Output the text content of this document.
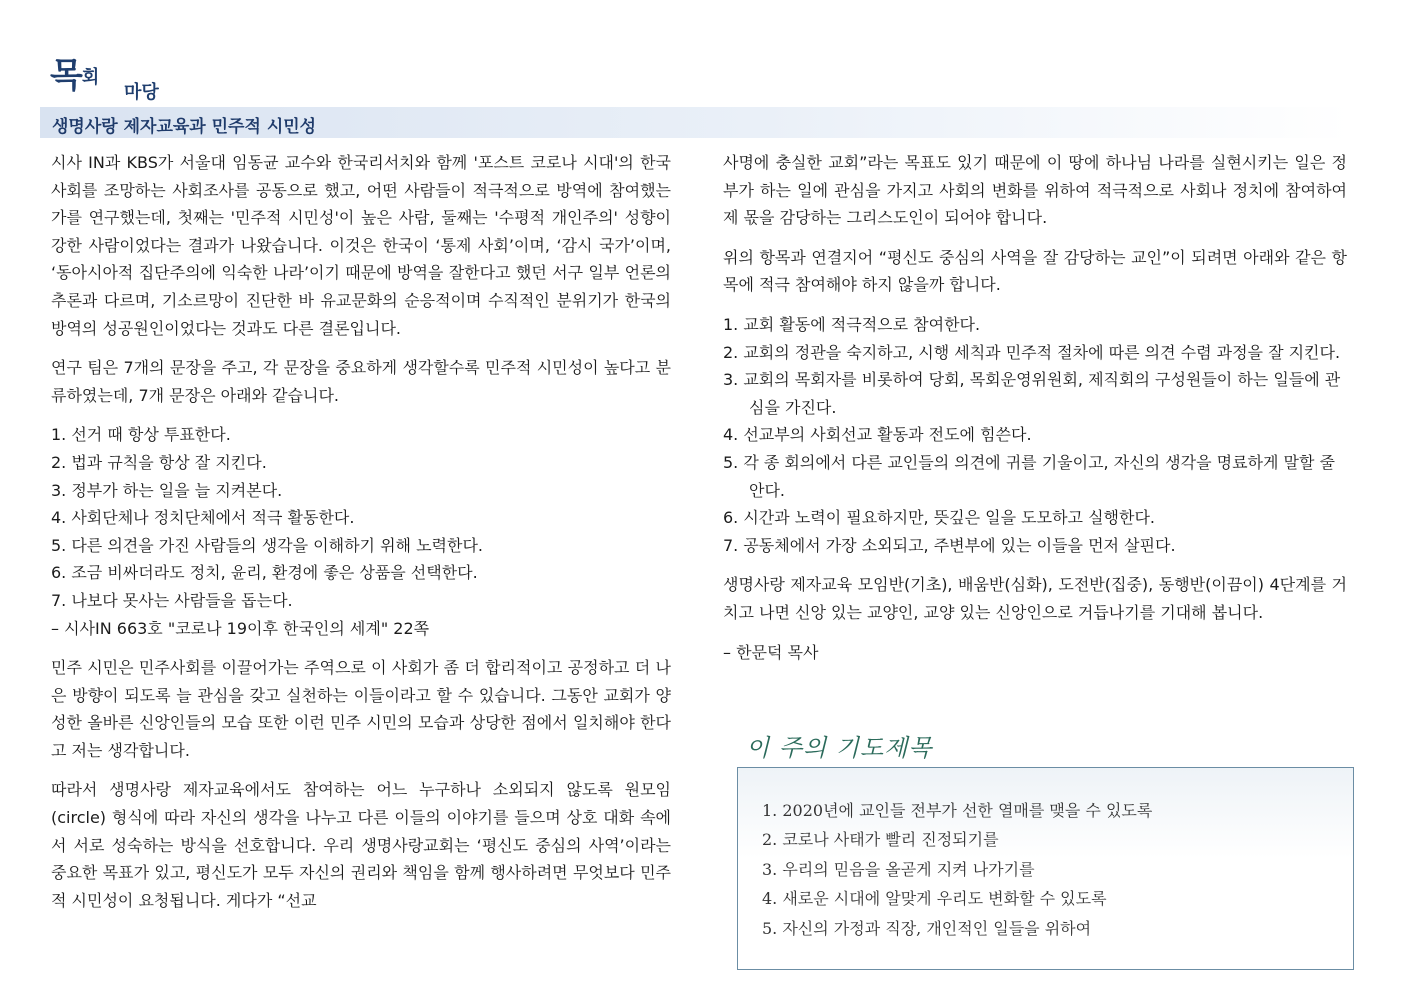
목회
마당
생명사랑 제자교육과 민주적 시민성

시사 IN과 KBS가 서울대 임동균 교수와 한국리서치와 함께 '포스트 코로나 시대'의 한국사회를 조망하는 사회조사를 공동으로 했고, 어떤 사람들이 적극적으로 방역에 참여했는가를 연구했는데, 첫째는 '민주적 시민성'이 높은 사람, 둘째는 '수평적 개인주의' 성향이 강한 사람이었다는 결과가 나왔습니다. 이것은 한국이 ‘통제 사회’이며, ‘감시 국가’이며, ‘동아시아적 집단주의에 익숙한 나라’이기 때문에 방역을 잘한다고 했던 서구 일부 언론의 추론과 다르며, 기소르망이 진단한 바 유교문화의 순응적이며 수직적인 분위기가 한국의 방역의 성공원인이었다는 것과도 다른 결론입니다.

연구 팀은 7개의 문장을 주고, 각 문장을 중요하게 생각할수록 민주적 시민성이 높다고 분류하였는데, 7개 문장은 아래와 같습니다.

1. 선거 때 항상 투표한다.
2. 법과 규칙을 항상 잘 지킨다.
3. 정부가 하는 일을 늘 지켜본다.
4. 사회단체나 정치단체에서 적극 활동한다.
5. 다른 의견을 가진 사람들의 생각을 이해하기 위해 노력한다.
6. 조금 비싸더라도 정치, 윤리, 환경에 좋은 상품을 선택한다.
7. 나보다 못사는 사람들을 돕는다.
– 시사IN 663호 "코로나 19이후 한국인의 세계" 22쪽

민주 시민은 민주사회를 이끌어가는 주역으로 이 사회가 좀 더 합리적이고 공정하고 더 나은 방향이 되도록 늘 관심을 갖고 실천하는 이들이라고 할 수 있습니다. 그동안 교회가 양성한 올바른 신앙인들의 모습 또한 이런 민주 시민의 모습과 상당한 점에서 일치해야 한다고 저는 생각합니다.

따라서 생명사랑 제자교육에서도 참여하는 어느 누구하나 소외되지 않도록 원모임(circle) 형식에 따라 자신의 생각을 나누고 다른 이들의 이야기를 들으며 상호 대화 속에서 서로 성숙하는 방식을 선호합니다. 우리 생명사랑교회는 ‘평신도 중심의 사역’이라는 중요한 목표가 있고, 평신도가 모두 자신의 권리와 책임을 함께 행사하려면 무엇보다 민주적 시민성이 요청됩니다. 게다가 “선교

사명에 충실한 교회”라는 목표도 있기 때문에 이 땅에 하나님 나라를 실현시키는 일은 정부가 하는 일에 관심을 가지고 사회의 변화를 위하여 적극적으로 사회나 정치에 참여하여 제 몫을 감당하는 그리스도인이 되어야 합니다.

위의 항목과 연결지어 “평신도 중심의 사역을 잘 감당하는 교인”이 되려면 아래와 같은 항목에 적극 참여해야 하지 않을까 합니다.

1. 교회 활동에 적극적으로 참여한다.
2. 교회의 정관을 숙지하고, 시행 세칙과 민주적 절차에 따른 의견 수렴 과정을 잘 지킨다.
3. 교회의 목회자를 비롯하여 당회, 목회운영위원회, 제직회의 구성원들이 하는 일들에 관심을 가진다.
4. 선교부의 사회선교 활동과 전도에 힘쓴다.
5. 각 종 회의에서 다른 교인들의 의견에 귀를 기울이고, 자신의 생각을 명료하게 말할 줄 안다.
6. 시간과 노력이 필요하지만, 뜻깊은 일을 도모하고 실행한다.
7. 공동체에서 가장 소외되고, 주변부에 있는 이들을 먼저 살핀다.

생명사랑 제자교육 모임반(기초), 배움반(심화), 도전반(집중), 동행반(이끔이) 4단계를 거치고 나면 신앙 있는 교양인, 교양 있는 신앙인으로 거듭나기를 기대해 봅니다.

– 한문덕 목사

이 주의 기도제목
1. 2020년에 교인들 전부가 선한 열매를 맺을 수 있도록
2. 코로나 사태가 빨리 진정되기를
3. 우리의 믿음을 올곧게 지켜 나가기를
4. 새로운 시대에 알맞게 우리도 변화할 수 있도록
5. 자신의 가정과 직장, 개인적인 일들을 위하여
